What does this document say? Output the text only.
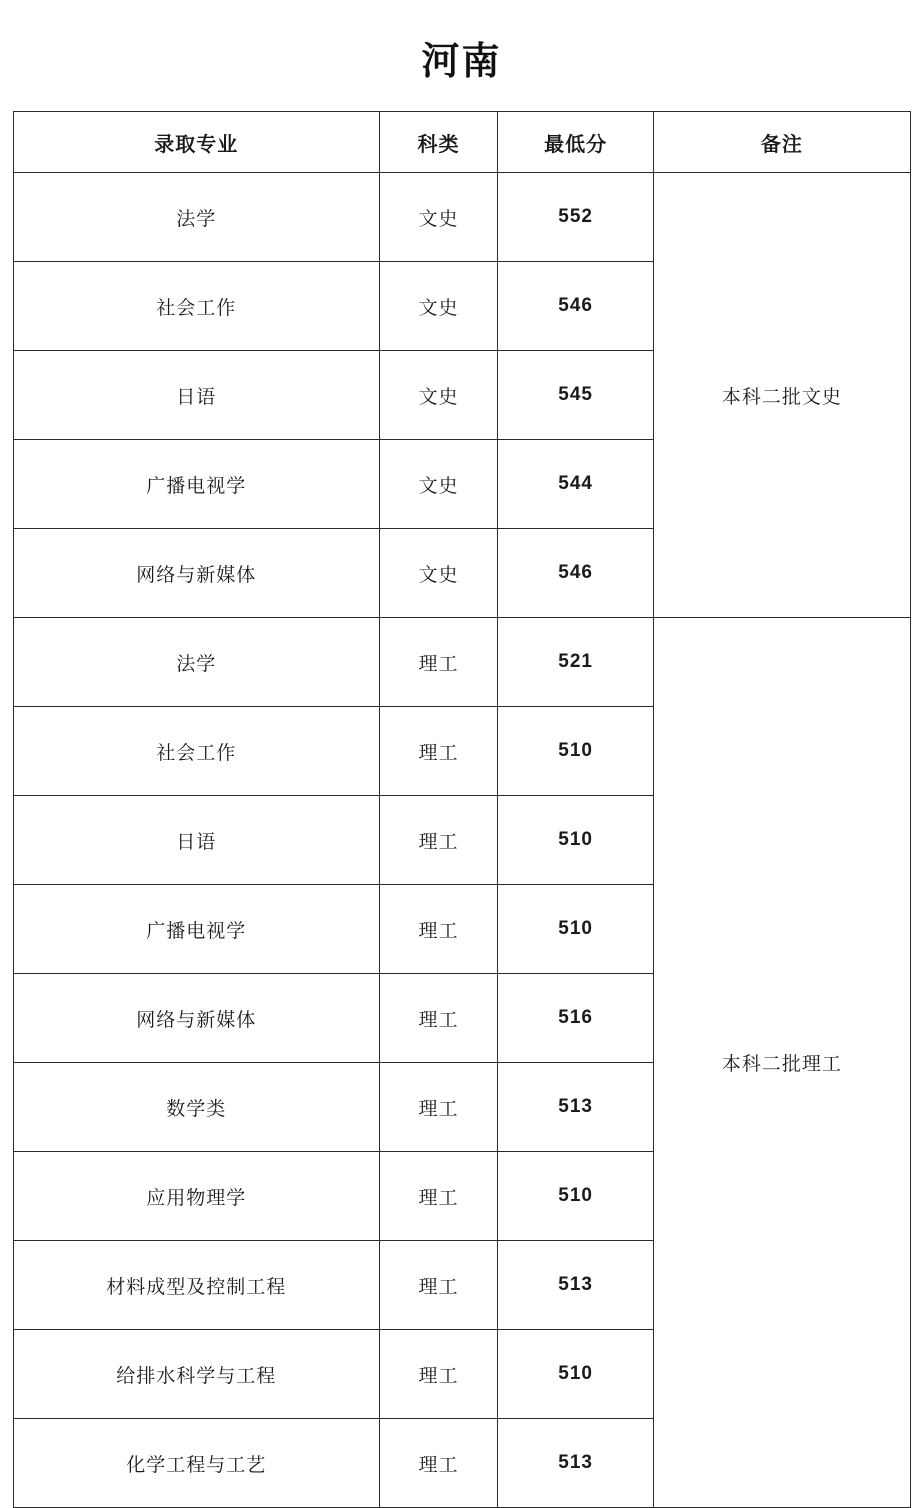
河南
录取专业	科类	最低分	备注
法学	文史	552	本科二批文史
社会工作	文史	546	
日语	文史	545	
广播电视学	文史	544	
网络与新媒体	文史	546	
法学	理工	521	本科二批理工
社会工作	理工	510	
日语	理工	510	
广播电视学	理工	510	
网络与新媒体	理工	516	
数学类	理工	513	
应用物理学	理工	510	
材料成型及控制工程	理工	513	
给排水科学与工程	理工	510	
化学工程与工艺	理工	513	
